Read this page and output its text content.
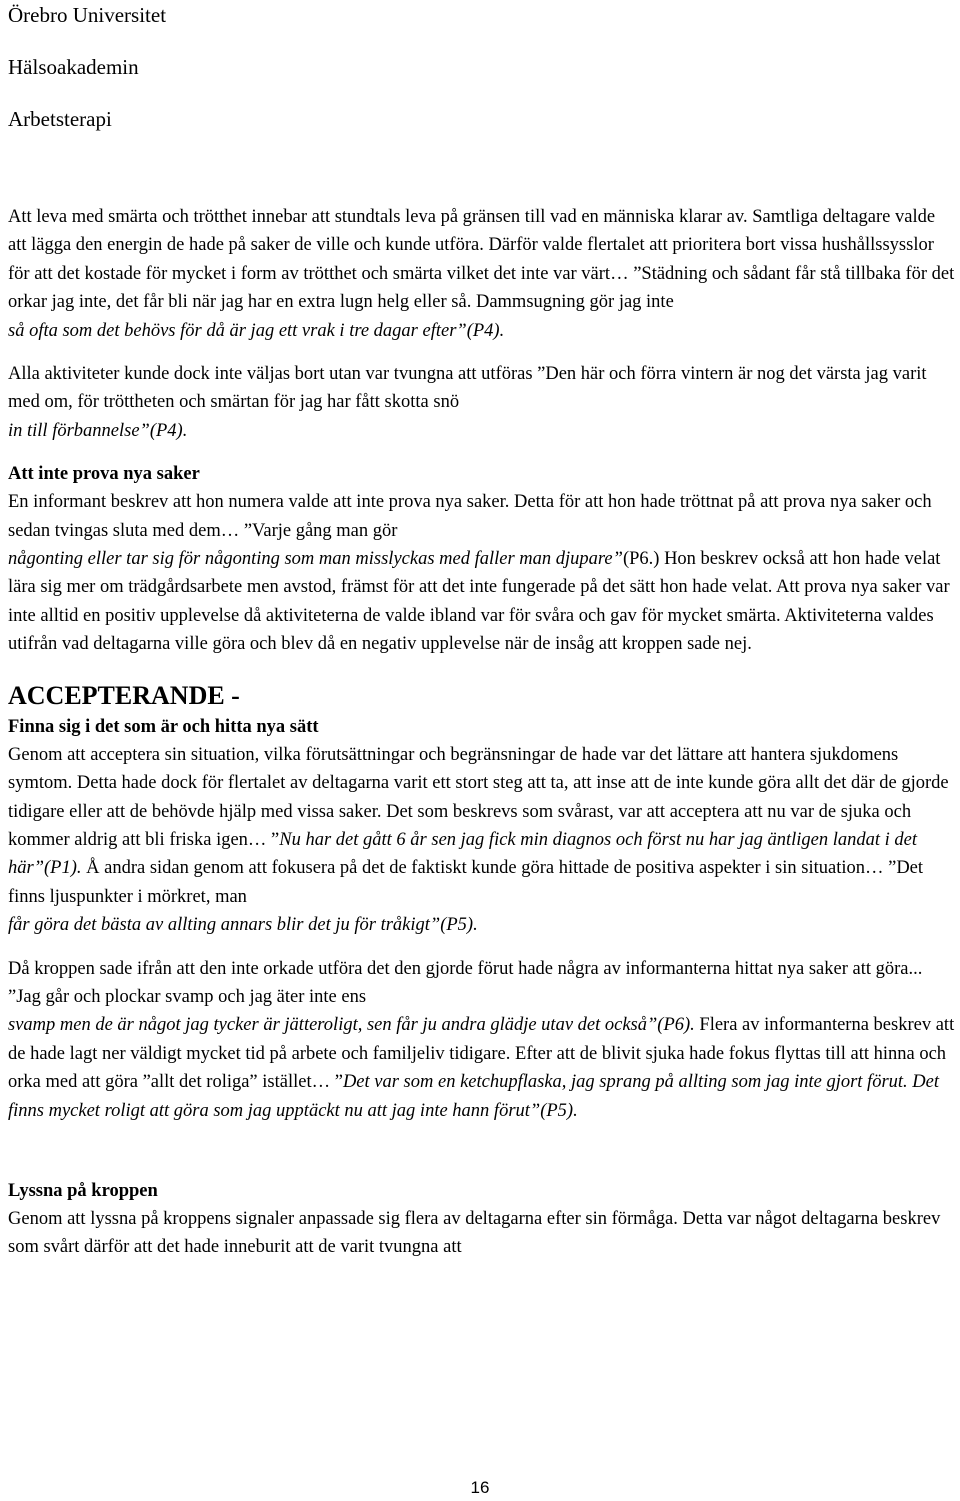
Örebro Universitet
Hälsoakademin
Arbetsterapi

Att leva med smärta och trötthet innebar att stundtals leva på gränsen till vad en människa klarar av. Samtliga deltagare valde att lägga den energin de hade på saker de ville och kunde utföra. Därför valde flertalet att prioritera bort vissa hushållssysslor för att det kostade för mycket i form av trötthet och smärta vilket det inte var värt… ”Städning och sådant får stå tillbaka för det orkar jag inte, det får bli när jag har en extra lugn helg eller så. Dammsugning gör jag inte
så ofta som det behövs för då är jag ett vrak i tre dagar efter”(P4).

Alla aktiviteter kunde dock inte väljas bort utan var tvungna att utföras ”Den här och förra vintern är nog det värsta jag varit med om, för tröttheten och smärtan för jag har fått skotta snö
in till förbannelse”(P4).

Att inte prova nya saker

En informant beskrev att hon numera valde att inte prova nya saker. Detta för att hon hade tröttnat på att prova nya saker och sedan tvingas sluta med dem… ”Varje gång man gör
någonting eller tar sig för någonting som man misslyckas med faller man djupare”(P6.) Hon beskrev också att hon hade velat lära sig mer om trädgårdsarbete men avstod, främst för att det inte fungerade på det sätt hon hade velat. Att prova nya saker var inte alltid en positiv upplevelse då aktiviteterna de valde ibland var för svåra och gav för mycket smärta. Aktiviteterna valdes utifrån vad deltagarna ville göra och blev då en negativ upplevelse när de insåg att kroppen sade nej.

ACCEPTERANDE -
Finna sig i det som är och hitta nya sätt

Genom att acceptera sin situation, vilka förutsättningar och begränsningar de hade var det lättare att hantera sjukdomens symtom. Detta hade dock för flertalet av deltagarna varit ett stort steg att ta, att inse att de inte kunde göra allt det där de gjorde tidigare eller att de behövde hjälp med vissa saker. Det som beskrevs som svårast, var att acceptera att nu var de sjuka och kommer aldrig att bli friska igen… ”Nu har det gått 6 år sen jag fick min diagnos och först nu har jag äntligen landat i det här”(P1). Å andra sidan genom att fokusera på det de faktiskt kunde göra hittade de positiva aspekter i sin situation… ”Det finns ljuspunkter i mörkret, man
får göra det bästa av allting annars blir det ju för tråkigt”(P5).

Då kroppen sade ifrån att den inte orkade utföra det den gjorde förut hade några av informanterna hittat nya saker att göra... ”Jag går och plockar svamp och jag äter inte ens
svamp men de är något jag tycker är jätteroligt, sen får ju andra glädje utav det också”(P6). Flera av informanterna beskrev att de hade lagt ner väldigt mycket tid på arbete och familjeliv tidigare. Efter att de blivit sjuka hade fokus flyttas till att hinna och orka med att göra ”allt det roliga” istället… ”Det var som en ketchupflaska, jag sprang på allting som jag inte gjort förut. Det finns mycket roligt att göra som jag upptäckt nu att jag inte hann förut”(P5).

Lyssna på kroppen

Genom att lyssna på kroppens signaler anpassade sig flera av deltagarna efter sin förmåga. Detta var något deltagarna beskrev som svårt därför att det hade inneburit att de varit tvungna att

16
